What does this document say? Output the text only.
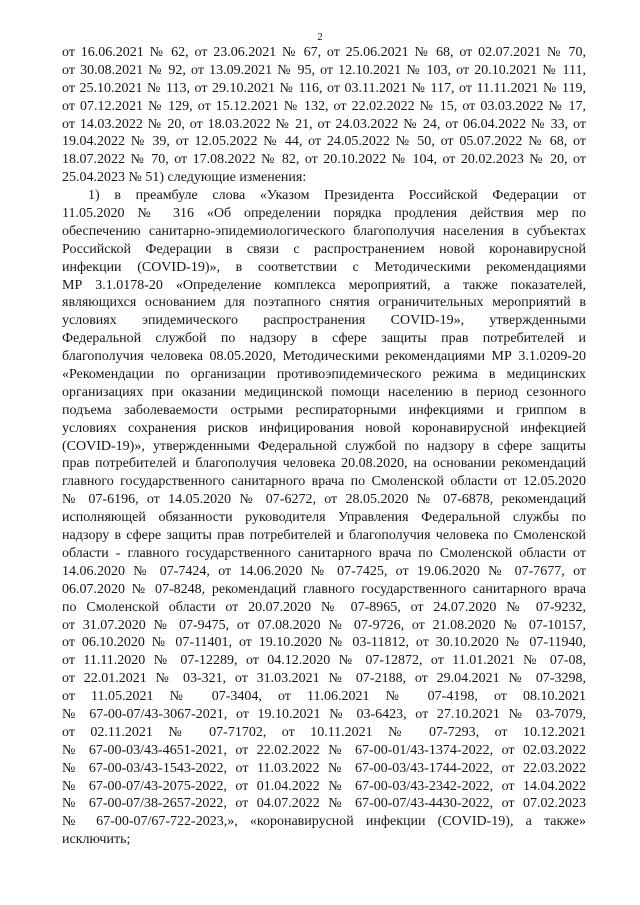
2
от 16.06.2021 № 62, от 23.06.2021 № 67, от 25.06.2021 № 68, от 02.07.2021 № 70,
от 30.08.2021 № 92, от 13.09.2021 № 95, от 12.10.2021 № 103, от 20.10.2021 № 111,
от 25.10.2021 № 113, от 29.10.2021 № 116, от 03.11.2021 № 117, от 11.11.2021 № 119,
от 07.12.2021 № 129, от 15.12.2021 № 132, от 22.02.2022 № 15, от 03.03.2022 № 17,
от 14.03.2022 № 20, от 18.03.2022 № 21, от 24.03.2022 № 24, от 06.04.2022 № 33, от
19.04.2022 № 39, от 12.05.2022 № 44, от 24.05.2022 № 50, от 05.07.2022 № 68, от
18.07.2022 № 70, от 17.08.2022 № 82, от 20.10.2022 № 104, от 20.02.2023 № 20, от
25.04.2023 № 51) следующие изменения:
1) в преамбуле слова «Указом Президента Российской Федерации от
11.05.2020 № 316 «Об определении порядка продления действия мер по
обеспечению санитарно-эпидемиологического благополучия населения в субъектах
Российской Федерации в связи с распространением новой коронавирусной
инфекции (COVID-19)», в соответствии с Методическими рекомендациями
МР 3.1.0178-20 «Определение комплекса мероприятий, а также показателей,
являющихся основанием для поэтапного снятия ограничительных мероприятий в
условиях эпидемического распространения COVID-19», утвержденными
Федеральной службой по надзору в сфере защиты прав потребителей и
благополучия человека 08.05.2020, Методическими рекомендациями МР 3.1.0209-20
«Рекомендации по организации противоэпидемического режима в медицинских
организациях при оказании медицинской помощи населению в период сезонного
подъема заболеваемости острыми респираторными инфекциями и гриппом в
условиях сохранения рисков инфицирования новой коронавирусной инфекцией
(COVID-19)», утвержденными Федеральной службой по надзору в сфере защиты
прав потребителей и благополучия человека 20.08.2020, на основании рекомендаций
главного государственного санитарного врача по Смоленской области от 12.05.2020
№ 07-6196, от 14.05.2020 № 07-6272, от 28.05.2020 № 07-6878, рекомендаций
исполняющей обязанности руководителя Управления Федеральной службы по
надзору в сфере защиты прав потребителей и благополучия человека по Смоленской
области - главного государственного санитарного врача по Смоленской области от
14.06.2020 № 07-7424, от 14.06.2020 № 07-7425, от 19.06.2020 № 07-7677, от
06.07.2020 № 07-8248, рекомендаций главного государственного санитарного врача
по Смоленской области от 20.07.2020 № 07-8965, от 24.07.2020 № 07-9232,
от 31.07.2020 № 07-9475, от 07.08.2020 № 07-9726, от 21.08.2020 № 07-10157,
от 06.10.2020 № 07-11401, от 19.10.2020 № 03-11812, от 30.10.2020 № 07-11940,
от 11.11.2020 № 07-12289, от 04.12.2020 № 07-12872, от 11.01.2021 № 07-08,
от 22.01.2021 № 03-321, от 31.03.2021 № 07-2188, от 29.04.2021 № 07-3298,
от 11.05.2021 № 07-3404, от 11.06.2021 № 07-4198, от 08.10.2021
№ 67-00-07/43-3067-2021, от 19.10.2021 № 03-6423, от 27.10.2021 № 03-7079,
от 02.11.2021 № 07-71702, от 10.11.2021 № 07-7293, от 10.12.2021
№ 67-00-03/43-4651-2021, от 22.02.2022 № 67-00-01/43-1374-2022, от 02.03.2022
№ 67-00-03/43-1543-2022, от 11.03.2022 № 67-00-03/43-1744-2022, от 22.03.2022
№ 67-00-07/43-2075-2022, от 01.04.2022 № 67-00-03/43-2342-2022, от 14.04.2022
№ 67-00-07/38-2657-2022, от 04.07.2022 № 67-00-07/43-4430-2022, от 07.02.2023
№ 67-00-07/67-722-2023,», «коронавирусной инфекции (COVID-19), а также»
исключить;
